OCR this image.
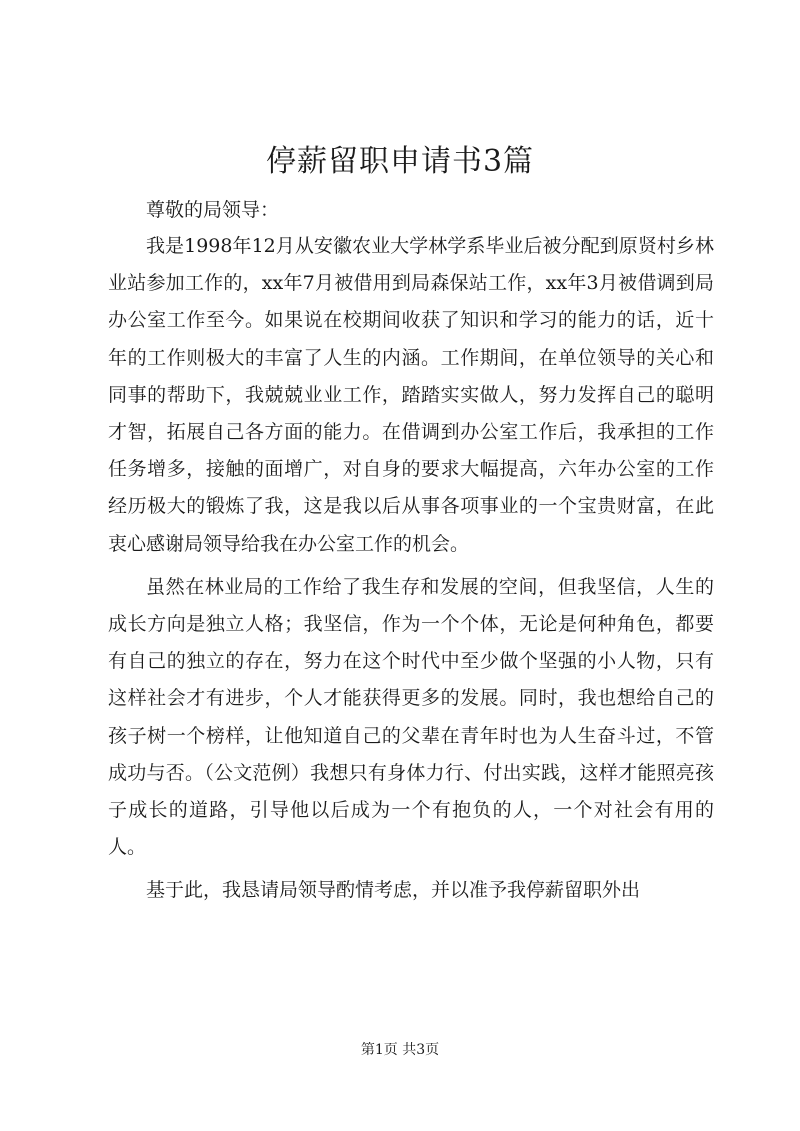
停薪留职申请书3篇

尊敬的局领导：

我是1998年12月从安徽农业大学林学系毕业后被分配到原贤村乡林业站参加工作的，xx年7月被借用到局森保站工作，xx年3月被借调到局办公室工作至今。如果说在校期间收获了知识和学习的能力的话，近十年的工作则极大的丰富了人生的内涵。工作期间，在单位领导的关心和同事的帮助下，我兢兢业业工作，踏踏实实做人，努力发挥自己的聪明才智，拓展自己各方面的能力。在借调到办公室工作后，我承担的工作任务增多，接触的面增广，对自身的要求大幅提高，六年办公室的工作经历极大的锻炼了我，这是我以后从事各项事业的一个宝贵财富，在此衷心感谢局领导给我在办公室工作的机会。

虽然在林业局的工作给了我生存和发展的空间，但我坚信，人生的成长方向是独立人格；我坚信，作为一个个体，无论是何种角色，都要有自己的独立的存在，努力在这个时代中至少做个坚强的小人物，只有这样社会才有进步，个人才能获得更多的发展。同时，我也想给自己的孩子树一个榜样，让他知道自己的父辈在青年时也为人生奋斗过，不管成功与否。（公文范例）我想只有身体力行、付出实践，这样才能照亮孩子成长的道路，引导他以后成为一个有抱负的人，一个对社会有用的人。

基于此，我恳请局领导酌情考虑，并以准予我停薪留职外出

第1页 共3页
